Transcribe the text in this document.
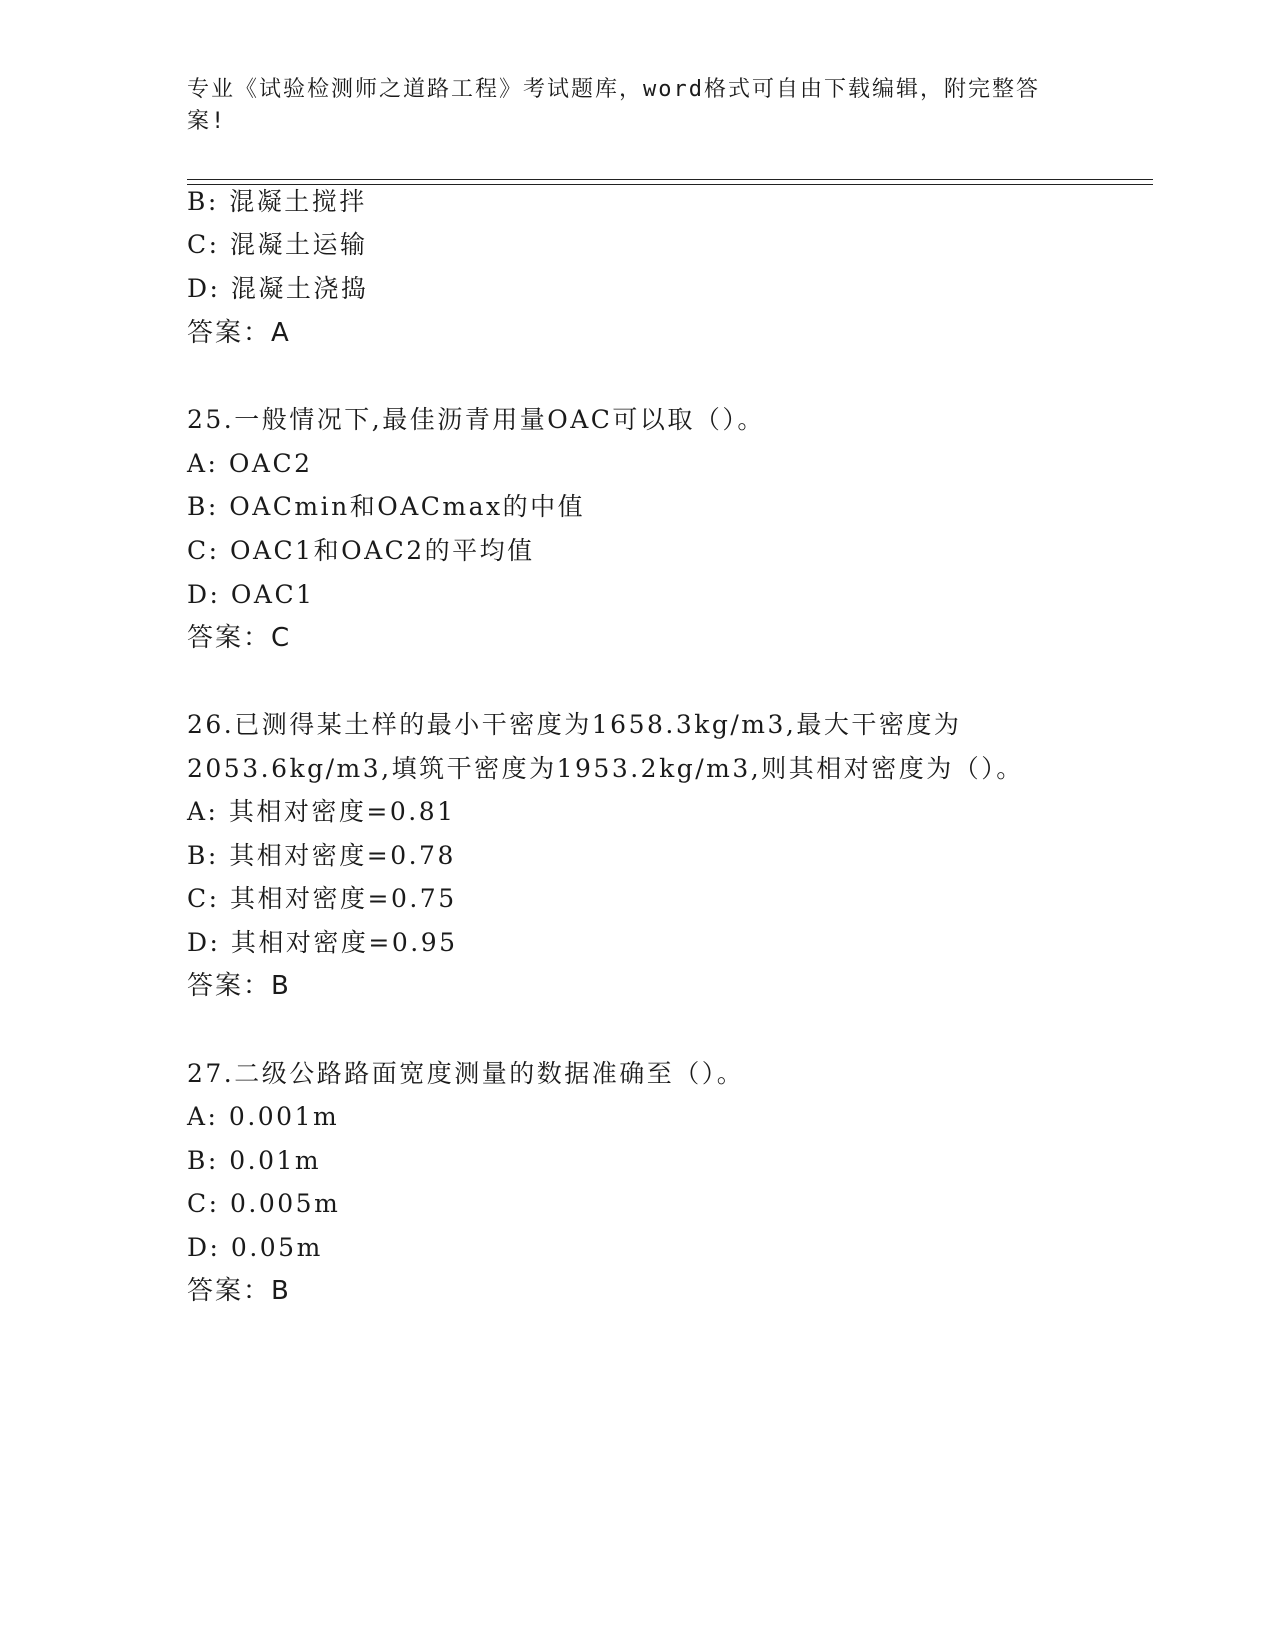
专业《试验检测师之道路工程》考试题库，word格式可自由下载编辑，附完整答
案!
B: 混凝土搅拌
C: 混凝土运输
D: 混凝土浇捣
答案：A
25.一般情况下,最佳沥青用量OAC可以取（）。
A: OAC2
B: OACmin和OACmax的中值
C: OAC1和OAC2的平均值
D: OAC1
答案：C
26.已测得某土样的最小干密度为1658.3kg/m3,最大干密度为
2053.6kg/m3,填筑干密度为1953.2kg/m3,则其相对密度为（）。
A: 其相对密度=0.81
B: 其相对密度=0.78
C: 其相对密度=0.75
D: 其相对密度=0.95
答案：B
27.二级公路路面宽度测量的数据准确至（）。
A: 0.001m
B: 0.01m
C: 0.005m
D: 0.05m
答案：B
